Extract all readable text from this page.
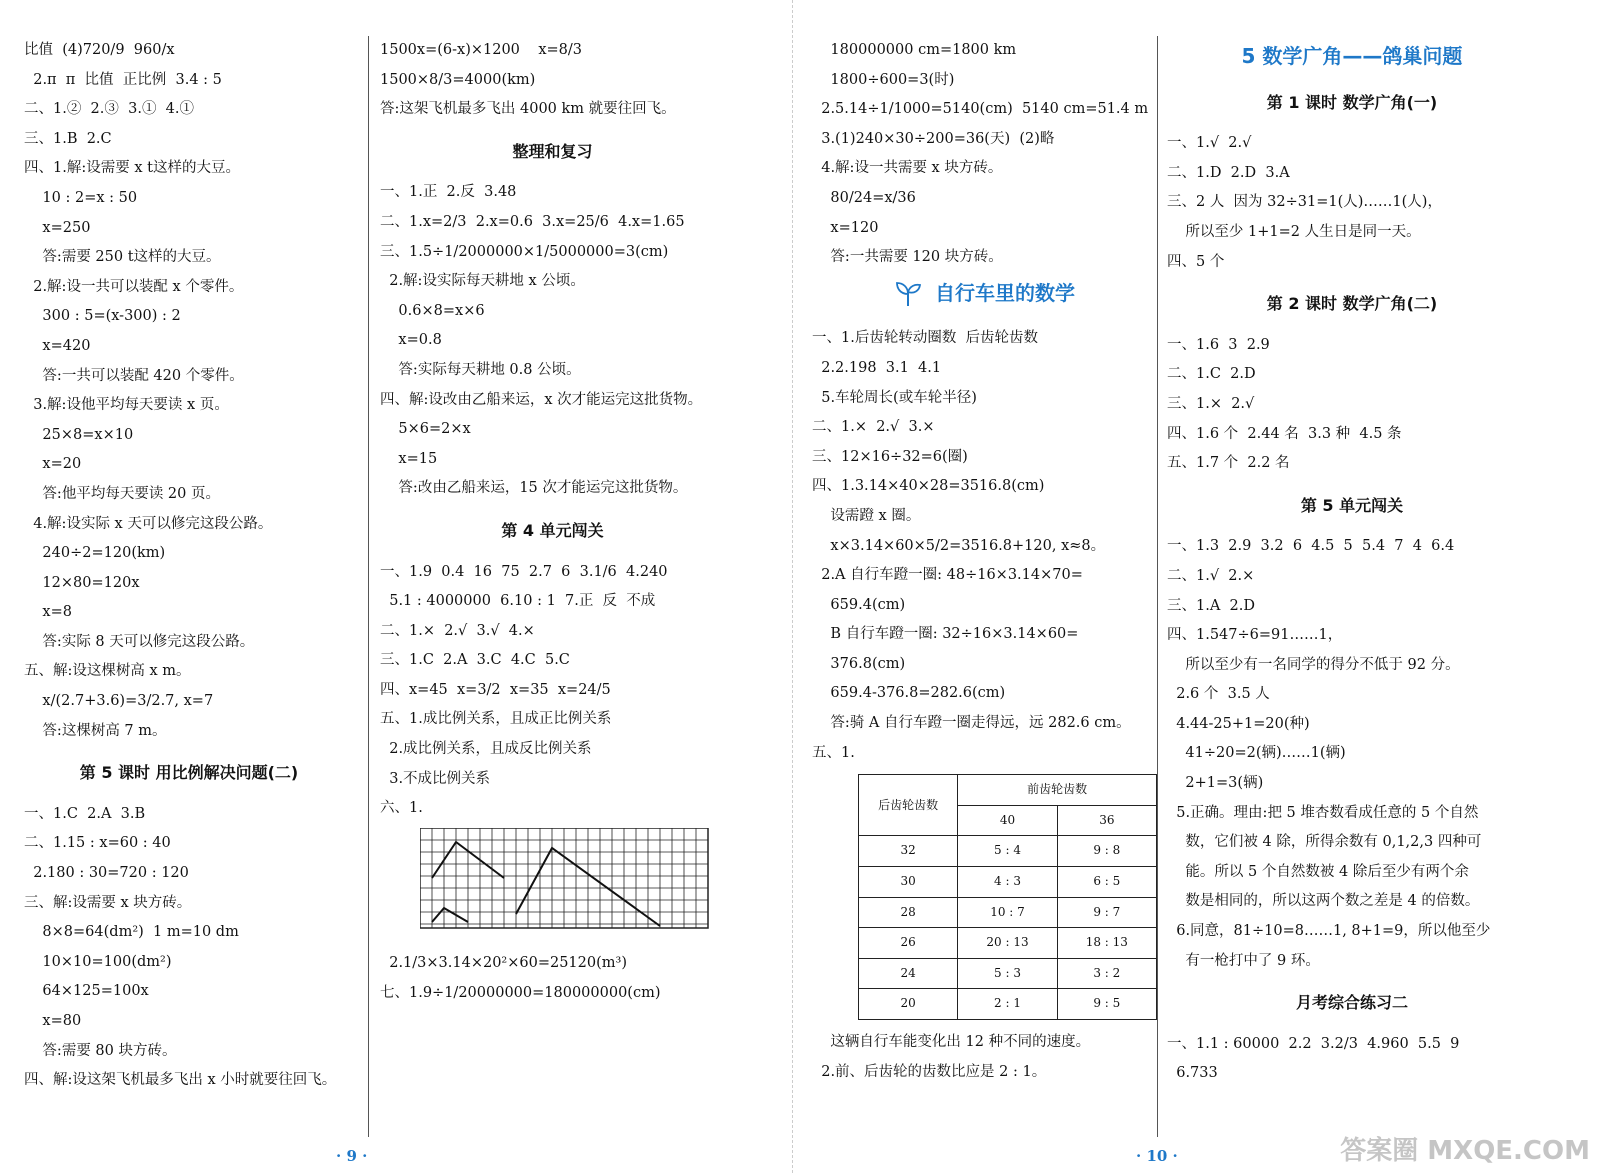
比值  (4)720/9  960/x
2.π  π  比值  正比例  3.4 : 5
二、1.②  2.③  3.①  4.①
三、1.B  2.C
四、1.解:设需要 x t这样的大豆。
10 : 2=x : 50
x=250
答:需要 250 t这样的大豆。
2.解:设一共可以装配 x 个零件。
300 : 5=(x-300) : 2
x=420
答:一共可以装配 420 个零件。
3.解:设他平均每天要读 x 页。
25×8=x×10
x=20
答:他平均每天要读 20 页。
4.解:设实际 x 天可以修完这段公路。
240÷2=120(km)
12×80=120x
x=8
答:实际 8 天可以修完这段公路。
五、解:设这棵树高 x m。
x/(2.7+3.6)=3/2.7, x=7
答:这棵树高 7 m。
第 5 课时 用比例解决问题(二)
一、1.C  2.A  3.B
二、1.15 : x=60 : 40
2.180 : 30=720 : 120
三、解:设需要 x 块方砖。
8×8=64(dm²)  1 m=10 dm
10×10=100(dm²)
64×125=100x
x=80
答:需要 80 块方砖。
四、解:设这架飞机最多飞出 x 小时就要往回飞。
1500x=(6-x)×1200    x=8/3
1500×8/3=4000(km)
答:这架飞机最多飞出 4000 km 就要往回飞。
整理和复习
一、1.正  2.反  3.48
二、1.x=2/3  2.x=0.6  3.x=25/6  4.x=1.65
三、1.5÷1/2000000×1/5000000=3(cm)
2.解:设实际每天耕地 x 公顷。
0.6×8=x×6
x=0.8
答:实际每天耕地 0.8 公顷。
四、解:设改由乙船来运，x 次才能运完这批货物。
5×6=2×x
x=15
答:改由乙船来运，15 次才能运完这批货物。
第 4 单元闯关
一、1.9  0.4  16  75  2.7  6  3.1/6  4.240
5.1 : 4000000  6.10 : 1  7.正  反  不成
二、1.×  2.√  3.√  4.×
三、1.C  2.A  3.C  4.C  5.C
四、x=45  x=3/2  x=35  x=24/5
五、1.成比例关系，且成正比例关系
2.成比例关系，且成反比例关系
3.不成比例关系
六、1.
2.1/3×3.14×20²×60=25120(m³)
七、1.9÷1/20000000=180000000(cm)
180000000 cm=1800 km
1800÷600=3(时)
2.5.14÷1/1000=5140(cm)  5140 cm=51.4 m
3.(1)240×30÷200=36(天)  (2)略
4.解:设一共需要 x 块方砖。
80/24=x/36
x=120
答:一共需要 120 块方砖。
自行车里的数学
一、1.后齿轮转动圈数  后齿轮齿数
2.2.198  3.1  4.1
5.车轮周长(或车轮半径)
二、1.×  2.√  3.×
三、12×16÷32=6(圈)
四、1.3.14×40×28=3516.8(cm)
设需蹬 x 圈。
x×3.14×60×5/2=3516.8+120, x≈8。
2.A 自行车蹬一圈: 48÷16×3.14×70=
659.4(cm)
B 自行车蹬一圈: 32÷16×3.14×60=
376.8(cm)
659.4-376.8=282.6(cm)
答:骑 A 自行车蹬一圈走得远，远 282.6 cm。
五、1.
后齿轮齿数	前齿轮齿数	
	40	36
32	5 : 4	9 : 8
30	4 : 3	6 : 5
28	10 : 7	9 : 7
26	20 : 13	18 : 13
24	5 : 3	3 : 2
20	2 : 1	9 : 5
这辆自行车能变化出 12 种不同的速度。
2.前、后齿轮的齿数比应是 2 : 1。
5 数学广角——鸽巢问题
第 1 课时 数学广角(一)
一、1.√  2.√
二、1.D  2.D  3.A
三、2 人  因为 32÷31=1(人)……1(人)，
所以至少 1+1=2 人生日是同一天。
四、5 个
第 2 课时 数学广角(二)
一、1.6  3  2.9
二、1.C  2.D
三、1.×  2.√
四、1.6 个  2.44 名  3.3 种  4.5 条
五、1.7 个  2.2 名
第 5 单元闯关
一、1.3  2.9  3.2  6  4.5  5  5.4  7  4  6.4
二、1.√  2.×
三、1.A  2.D
四、1.547÷6=91……1，
所以至少有一名同学的得分不低于 92 分。
2.6 个  3.5 人
4.44-25+1=20(种)
41÷20=2(辆)……1(辆)
2+1=3(辆)
5.正确。理由:把 5 堆杏数看成任意的 5 个自然
数，它们被 4 除，所得余数有 0,1,2,3 四种可
能。所以 5 个自然数被 4 除后至少有两个余
数是相同的，所以这两个数之差是 4 的倍数。
6.同意，81÷10=8……1, 8+1=9，所以他至少
有一枪打中了 9 环。
月考综合练习二
一、1.1 : 60000  2.2  3.2/3  4.960  5.5  9
6.733
· 9 ·	· 10 ·	答案圈 MXQE.COM
